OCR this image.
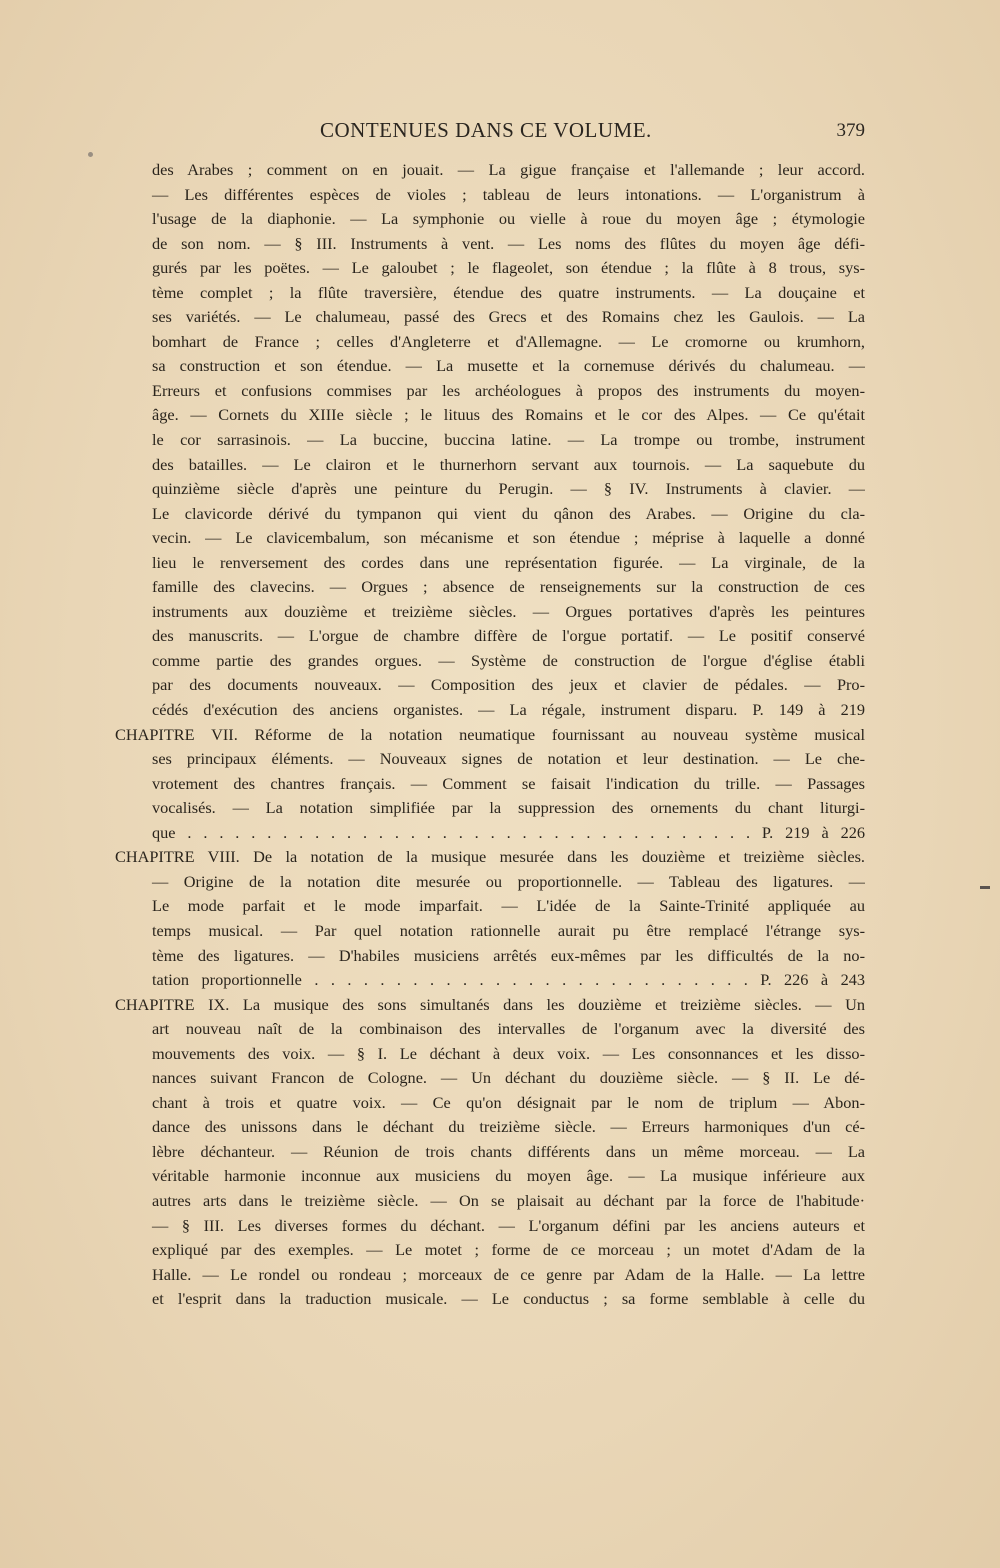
CONTENUES DANS CE VOLUME.	379
des Arabes ; comment on en jouait. — La gigue française et l'allemande ; leur accord.
— Les différentes espèces de violes ; tableau de leurs intonations. — L'organistrum à
l'usage de la diaphonie. — La symphonie ou vielle à roue du moyen âge ; étymologie
de son nom. — § III. Instruments à vent. — Les noms des flûtes du moyen âge défi-
gurés par les poëtes. — Le galoubet ; le flageolet, son étendue ; la flûte à 8 trous, sys-
tème complet ; la flûte traversière, étendue des quatre instruments. — La douçaine et
ses variétés. — Le chalumeau, passé des Grecs et des Romains chez les Gaulois. — La
bomhart de France ; celles d'Angleterre et d'Allemagne. — Le cromorne ou krumhorn,
sa construction et son étendue. — La musette et la cornemuse dérivés du chalumeau. —
Erreurs et confusions commises par les archéologues à propos des instruments du moyen-
âge. — Cornets du XIIIe siècle ; le lituus des Romains et le cor des Alpes. — Ce qu'était
le cor sarrasinois. — La buccine, buccina latine. — La trompe ou trombe, instrument
des batailles. — Le clairon et le thurnerhorn servant aux tournois. — La saquebute du
quinzième siècle d'après une peinture du Perugin. — § IV. Instruments à clavier. —
Le clavicorde dérivé du tympanon qui vient du qânon des Arabes. — Origine du cla-
vecin. — Le clavicembalum, son mécanisme et son étendue ; méprise à laquelle a donné
lieu le renversement des cordes dans une représentation figurée. — La virginale, de la
famille des clavecins. — Orgues ; absence de renseignements sur la construction de ces
instruments aux douzième et treizième siècles. — Orgues portatives d'après les peintures
des manuscrits. — L'orgue de chambre diffère de l'orgue portatif. — Le positif conservé
comme partie des grandes orgues. — Système de construction de l'orgue d'église établi
par des documents nouveaux. — Composition des jeux et clavier de pédales. — Pro-
cédés d'exécution des anciens organistes. — La régale, instrument disparu. P. 149 à 219
CHAPITRE VII. Réforme de la notation neumatique fournissant au nouveau système musical
ses principaux éléments. — Nouveaux signes de notation et leur destination. — Le che-
vrotement des chantres français. — Comment se faisait l'indication du trille. — Passages
vocalisés. — La notation simplifiée par la suppression des ornements du chant liturgi-
que . . . . . . . . . . . . . . . . . . . . . . . . . . . . . . . . . . . . P. 219 à 226
CHAPITRE VIII. De la notation de la musique mesurée dans les douzième et treizième siècles.
— Origine de la notation dite mesurée ou proportionnelle. — Tableau des ligatures. —
Le mode parfait et le mode imparfait. — L'idée de la Sainte-Trinité appliquée au
temps musical. — Par quel notation rationnelle aurait pu être remplacé l'étrange sys-
tème des ligatures. — D'habiles musiciens arrêtés eux-mêmes par les difficultés de la no-
tation proportionnelle . . . . . . . . . . . . . . . . . . . . . . . . . . . P. 226 à 243
CHAPITRE IX. La musique des sons simultanés dans les douzième et treizième siècles. — Un
art nouveau naît de la combinaison des intervalles de l'organum avec la diversité des
mouvements des voix. — § I. Le déchant à deux voix. — Les consonnances et les disso-
nances suivant Francon de Cologne. — Un déchant du douzième siècle. — § II. Le dé-
chant à trois et quatre voix. — Ce qu'on désignait par le nom de triplum — Abon-
dance des unissons dans le déchant du treizième siècle. — Erreurs harmoniques d'un cé-
lèbre déchanteur. — Réunion de trois chants différents dans un même morceau. — La
véritable harmonie inconnue aux musiciens du moyen âge. — La musique inférieure aux
autres arts dans le treizième siècle. — On se plaisait au déchant par la force de l'habitude·
— § III. Les diverses formes du déchant. — L'organum défini par les anciens auteurs et
expliqué par des exemples. — Le motet ; forme de ce morceau ; un motet d'Adam de la
Halle. — Le rondel ou rondeau ; morceaux de ce genre par Adam de la Halle. — La lettre
et l'esprit dans la traduction musicale. — Le conductus ; sa forme semblable à celle du
